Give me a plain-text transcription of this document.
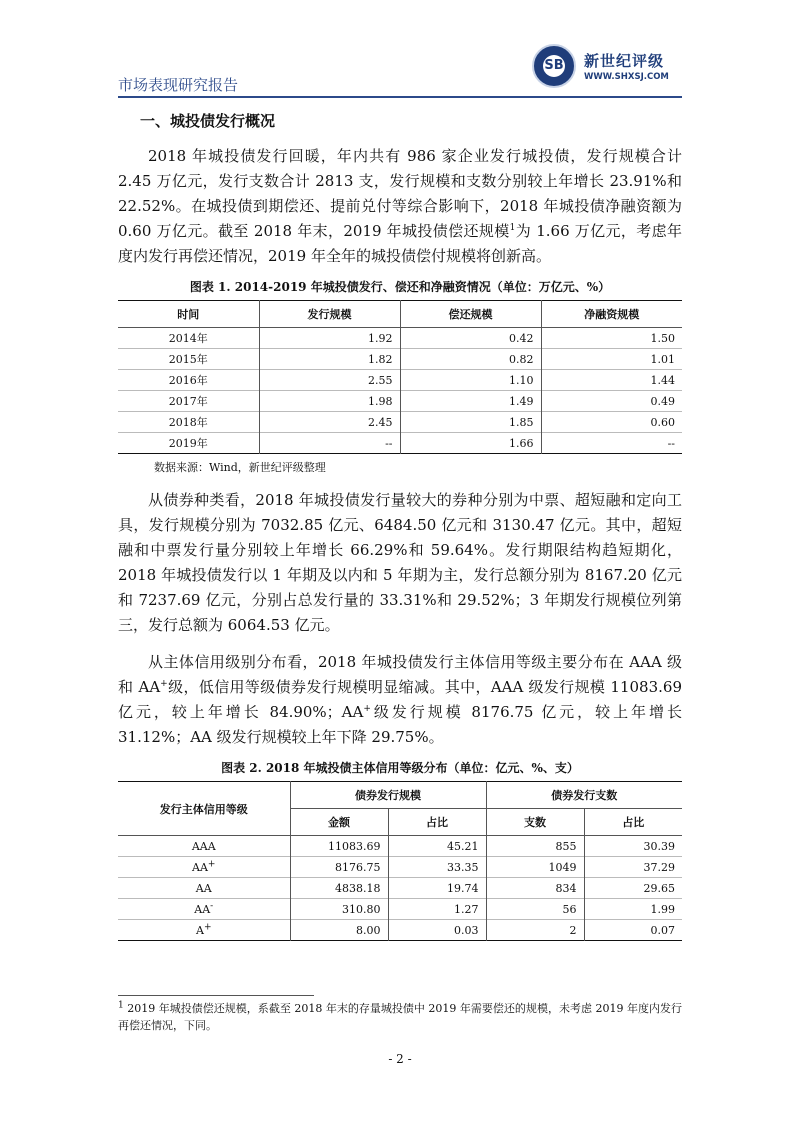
市场表现研究报告
SB 新世纪评级
WWW.SHXSJ.COM
一、城投债发行概况

2018 年城投债发行回暖，年内共有 986 家企业发行城投债，发行规模合计 2.45 万亿元，发行支数合计 2813 支，发行规模和支数分别较上年增长 23.91%和 22.52%。在城投债到期偿还、提前兑付等综合影响下，2018 年城投债净融资额为 0.60 万亿元。截至 2018 年末，2019 年城投债偿还规模$^1$为 1.66 万亿元，考虑年度内发行再偿还情况，2019 年全年的城投债偿付规模将创新高。

图表 1. 2014-2019 年城投债发行、偿还和净融资情况（单位：万亿元、%）
时间	发行规模	偿还规模	净融资规模
2014年	1.92	0.42	1.50
2015年	1.82	0.82	1.01
2016年	2.55	1.10	1.44
2017年	1.98	1.49	0.49
2018年	2.45	1.85	0.60
2019年	--	1.66	--
数据来源：Wind，新世纪评级整理

从债券种类看，2018 年城投债发行量较大的券种分别为中票、超短融和定向工具，发行规模分别为 7032.85 亿元、6484.50 亿元和 3130.47 亿元。其中，超短融和中票发行量分别较上年增长 66.29%和 59.64%。发行期限结构趋短期化，2018 年城投债发行以 1 年期及以内和 5 年期为主，发行总额分别为 8167.20 亿元和 7237.69 亿元，分别占总发行量的 33.31%和 29.52%；3 年期发行规模位列第三，发行总额为 6064.53 亿元。

从主体信用级别分布看，2018 年城投债发行主体信用等级主要分布在 AAA 级和 AA+级，低信用等级债券发行规模明显缩减。其中，AAA 级发行规模 11083.69 亿元，较上年增长 84.90%；AA+级发行规模 8176.75 亿元，较上年增长 31.12%；AA 级发行规模较上年下降 29.75%。

图表 2. 2018 年城投债主体信用等级分布（单位：亿元、%、支）
发行主体信用等级	债券发行规模		债券发行支数	
	金额	占比	支数	占比
AAA	11083.69	45.21	855	30.39
AA+	8176.75	33.35	1049	37.29
AA	4838.18	19.74	834	29.65
AA-	310.80	1.27	56	1.99
A+	8.00	0.03	2	0.07
$^1$ 2019 年城投债偿还规模，系截至 2018 年末的存量城投债中 2019 年需要偿还的规模，未考虑 2019 年度内发行再偿还情况，下同。
- 2 -
